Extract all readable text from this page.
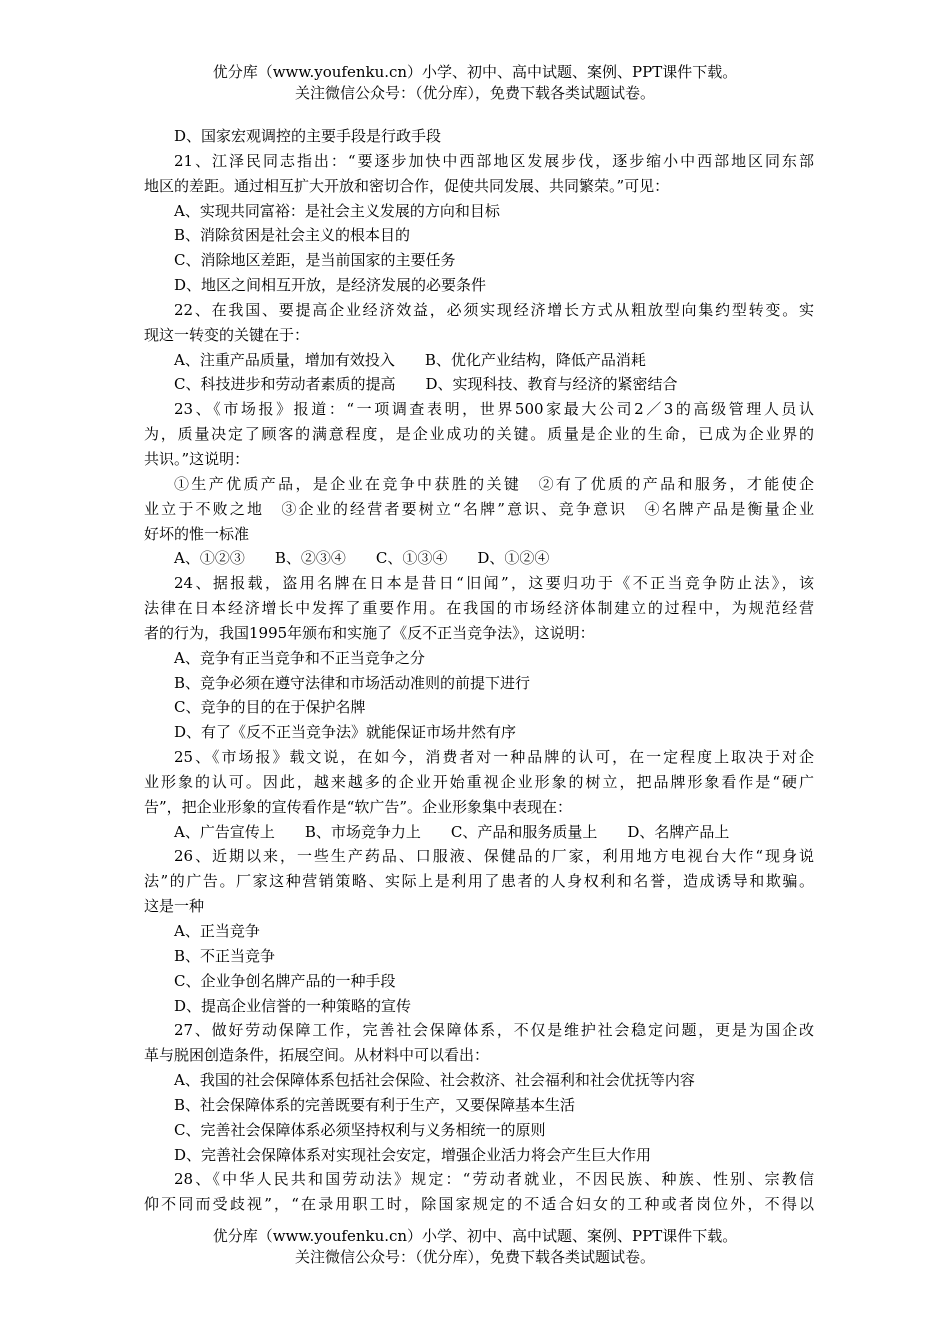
优分库（www.youfenku.cn）小学、初中、高中试题、案例、PPT课件下载。
关注微信公众号：（优分库），免费下载各类试题试卷。
D、国家宏观调控的主要手段是行政手段
21、江泽民同志指出：“要逐步加快中西部地区发展步伐，逐步缩小中西部地区同东部
地区的差距。通过相互扩大开放和密切合作，促使共同发展、共同繁荣。”可见：
A、实现共同富裕：是社会主义发展的方向和目标
B、消除贫困是社会主义的根本目的
C、消除地区差距，是当前国家的主要任务
D、地区之间相互开放，是经济发展的必要条件
22、在我国、要提高企业经济效益，必须实现经济增长方式从粗放型向集约型转变。实
现这一转变的关键在于：
A、注重产品质量，增加有效投入　　B、优化产业结构，降低产品消耗
C、科技进步和劳动者素质的提高　　D、实现科技、教育与经济的紧密结合
23、《市场报》报道：“一项调查表明，世界500家最大公司2／3的高级管理人员认
为，质量决定了顾客的满意程度，是企业成功的关键。质量是企业的生命，已成为企业界的
共识。”这说明：
①生产优质产品，是企业在竞争中获胜的关键　②有了优质的产品和服务，才能使企
业立于不败之地　③企业的经营者要树立“名牌”意识、竞争意识　④名牌产品是衡量企业
好坏的惟一标准
A、①②③　　B、②③④　　C、①③④　　D、①②④
24、据报载，盗用名牌在日本是昔日“旧闻”，这要归功于《不正当竞争防止法》，该
法律在日本经济增长中发挥了重要作用。在我国的市场经济体制建立的过程中，为规范经营
者的行为，我国1995年颁布和实施了《反不正当竞争法》，这说明：
A、竞争有正当竞争和不正当竞争之分
B、竞争必须在遵守法律和市场活动准则的前提下进行
C、竞争的目的在于保护名牌
D、有了《反不正当竞争法》就能保证市场井然有序
25、《市场报》载文说，在如今，消费者对一种品牌的认可，在一定程度上取决于对企
业形象的认可。因此，越来越多的企业开始重视企业形象的树立，把品牌形象看作是“硬广
告”，把企业形象的宣传看作是“软广告”。企业形象集中表现在：
A、广告宣传上　　B、市场竞争力上　　C、产品和服务质量上　　D、名牌产品上
26、近期以来，一些生产药品、口服液、保健品的厂家，利用地方电视台大作“现身说
法”的广告。厂家这种营销策略、实际上是利用了患者的人身权利和名誉，造成诱导和欺骗。
这是一种
A、正当竞争
B、不正当竞争
C、企业争创名牌产品的一种手段
D、提高企业信誉的一种策略的宣传
27、做好劳动保障工作，完善社会保障体系，不仅是维护社会稳定问题，更是为国企改
革与脱困创造条件，拓展空间。从材料中可以看出：
A、我国的社会保障体系包括社会保险、社会救济、社会福利和社会优抚等内容
B、社会保障体系的完善既要有利于生产，又要保障基本生活
C、完善社会保障体系必须坚持权利与义务相统一的原则
D、完善社会保障体系对实现社会安定，增强企业活力将会产生巨大作用
28、《中华人民共和国劳动法》规定：“劳动者就业，不因民族、种族、性别、宗教信
仰不同而受歧视”，“在录用职工时，除国家规定的不适合妇女的工种或者岗位外，不得以
优分库（www.youfenku.cn）小学、初中、高中试题、案例、PPT课件下载。
关注微信公众号：（优分库），免费下载各类试题试卷。
